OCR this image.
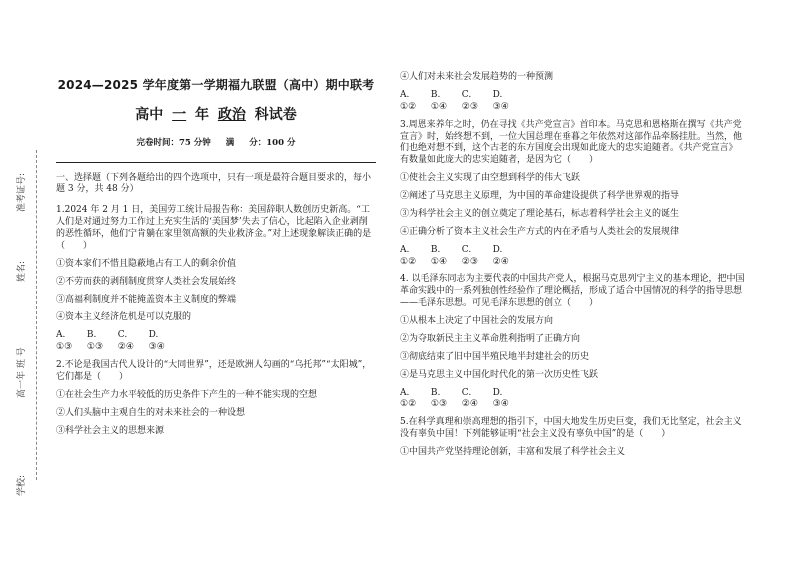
准考证号:
姓名:
高一年 班 号
学校:
2024—2025 学年度第一学期福九联盟（高中）期中联考
高中 一 年 政治 科试卷
完卷时间：75 分钟 满 分：100 分

一、选择题（下列各题给出的四个选项中，只有一项是最符合题目要求的，每小题 3 分，共 48 分）

1.2024 年 2 月 1 日，美国劳工统计局报告称：美国辞职人数创历史新高。“工人们是对通过努力工作过上充实生活的‘美国梦’失去了信心，比起陷入企业剥削的恶性循环，他们宁肯躺在家里领高额的失业救济金。”对上述现象解读正确的是（　　）

①资本家们不惜且隐蔽地占有工人的剩余价值

②不劳而获的剥削制度贯穿人类社会发展始终

③高福利制度并不能掩盖资本主义制度的弊端

④资本主义经济危机是可以克服的

A. ①③ B. ①③ C. ②④ D. ③④

2.不论是我国古代人设计的“大同世界”，还是欧洲人勾画的“乌托邦”“太阳城”，它们都是（　　）

①在社会生产力水平较低的历史条件下产生的一种不能实现的空想

②人们头脑中主观自生的对未来社会的一种设想

③科学社会主义的思想来源

④人们对未来社会发展趋势的一种预测

A. ①② B. ①④ C. ②③ D. ③④

3.周恩来养年之时，仍在寻找《共产党宣言》首印本。马克思和恩格斯在撰写《共产党宣言》时，始终想不到，一位大国总理在垂暮之年依然对这部作品牵肠挂肚。当然，他们也绝对想不到，这个古老的东方国度会出现如此庞大的忠实追随者。《共产党宣言》有数量如此庞大的忠实追随者，是因为它（　　）

①使社会主义实现了由空想到科学的伟大飞跃

②阐述了马克思主义原理，为中国的革命建设提供了科学世界观的指导

③为科学社会主义的创立奠定了理论基石，标志着科学社会主义的诞生

④正确分析了资本主义社会生产方式的内在矛盾与人类社会的发展规律

A. ①② B. ①④ C. ②③ D. ②④

4. 以毛泽东同志为主要代表的中国共产党人，根据马克思列宁主义的基本理论，把中国革命实践中的一系列独创性经验作了理论概括，形成了适合中国情况的科学的指导思想——毛泽东思想。可见毛泽东思想的创立（　　）

①从根本上决定了中国社会的发展方向

②为夺取新民主主义革命胜利指明了正确方向

③彻底结束了旧中国半殖民地半封建社会的历史

④是马克思主义中国化时代化的第一次历史性飞跃

A. ①② B. ①③ C. ②④ D. ③④

5.在科学真理和崇高理想的指引下，中国大地发生历史巨变，我们无比坚定，社会主义没有辜负中国！下列能够证明“社会主义没有辜负中国”的是（　　）

①中国共产党坚持理论创新，丰富和发展了科学社会主义
